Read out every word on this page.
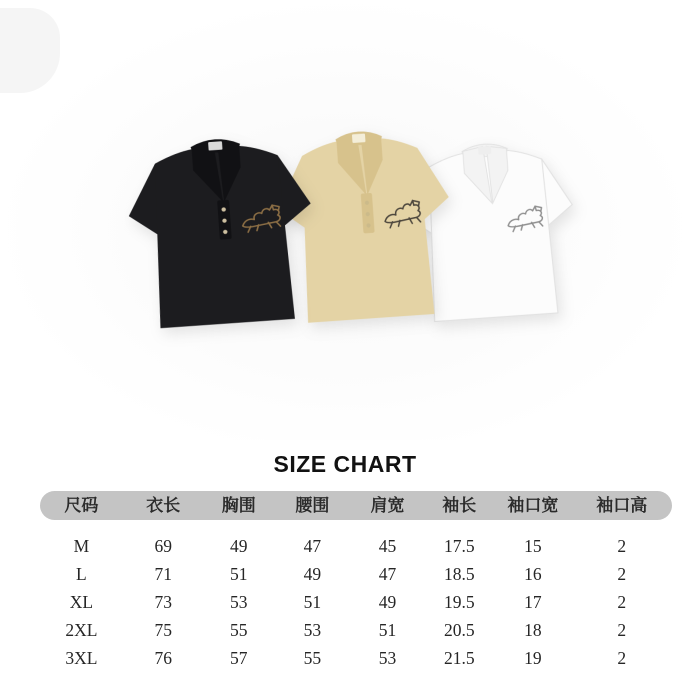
SIZE CHART
尺码	衣长	胸围	腰围	肩宽	袖长	袖口宽	袖口高
M	69	49	47	45	17.5	15	2
L	71	51	49	47	18.5	16	2
XL	73	53	51	49	19.5	17	2
2XL	75	55	53	51	20.5	18	2
3XL	76	57	55	53	21.5	19	2
